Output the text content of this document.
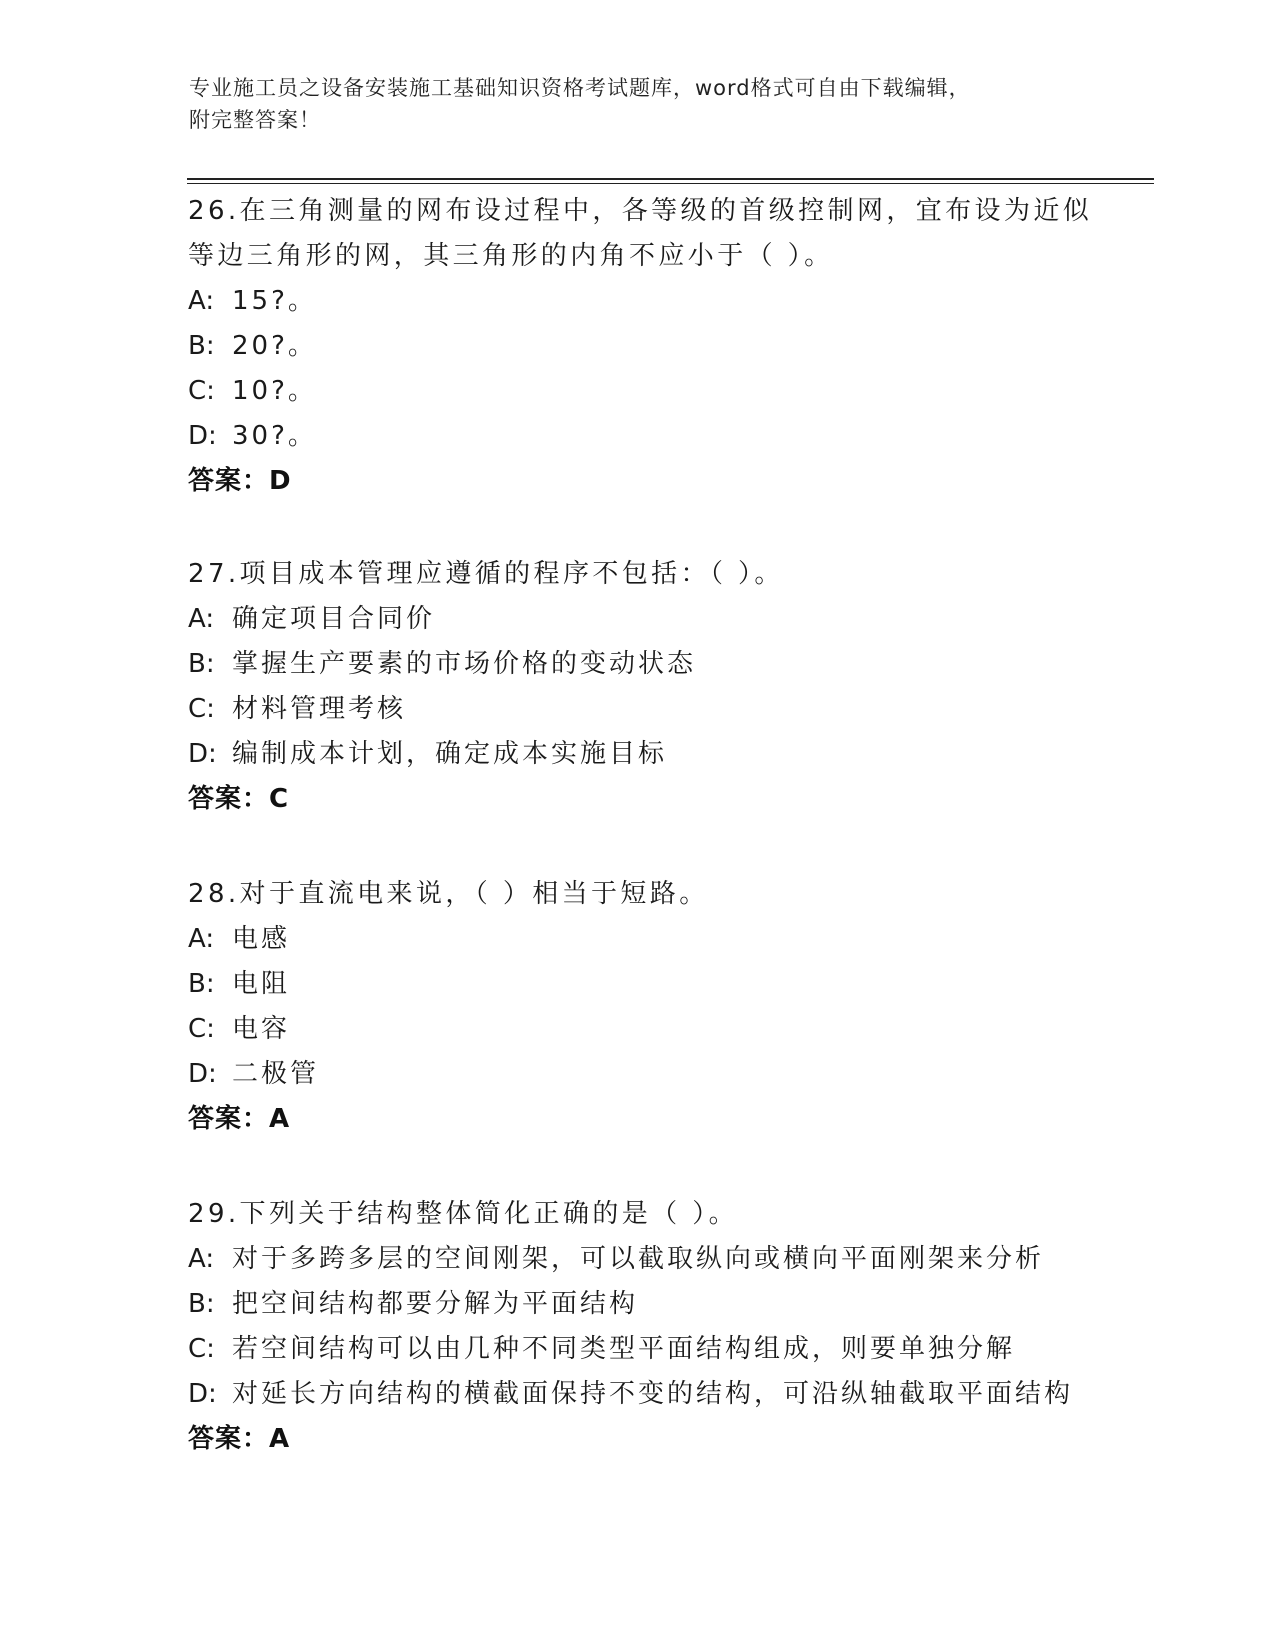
专业施工员之设备安装施工基础知识资格考试题库，word格式可自由下载编辑，
附完整答案！
26.在三角测量的网布设过程中，各等级的首级控制网，宜布设为近似
等边三角形的网，其三角形的内角不应小于（ ）。
A: 15?。
B: 20?。
C: 10?。
D: 30?。
答案：D
27.项目成本管理应遵循的程序不包括：（ ）。
A: 确定项目合同价
B: 掌握生产要素的市场价格的变动状态
C: 材料管理考核
D: 编制成本计划，确定成本实施目标
答案：C
28.对于直流电来说，（ ）相当于短路。
A: 电感
B: 电阻
C: 电容
D: 二极管
答案：A
29.下列关于结构整体简化正确的是（ ）。
A: 对于多跨多层的空间刚架，可以截取纵向或横向平面刚架来分析
B: 把空间结构都要分解为平面结构
C: 若空间结构可以由几种不同类型平面结构组成，则要单独分解
D: 对延长方向结构的横截面保持不变的结构，可沿纵轴截取平面结构
答案：A
